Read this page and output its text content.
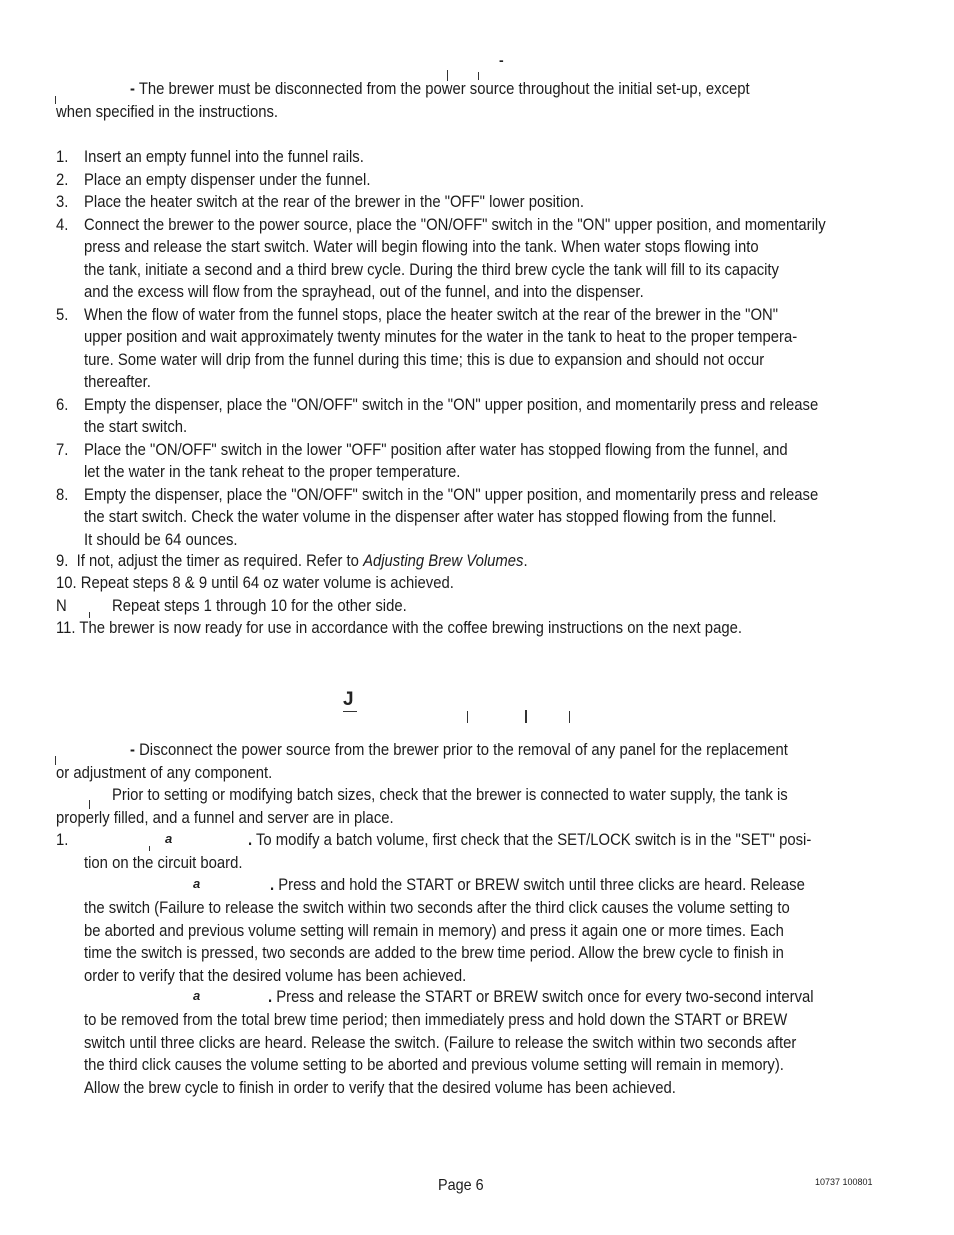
-
- The brewer must be disconnected from the power source throughout the initial set-up, except
when specified in the instructions.
1. Insert an empty funnel into the funnel rails.
2. Place an empty dispenser under the funnel.
3. Place the heater switch at the rear of the brewer in the "OFF" lower position.
4. Connect the brewer to the power source, place the "ON/OFF" switch in the "ON" upper position, and momentarily
press and release the start switch. Water will begin flowing into the tank. When water stops flowing into
the tank, initiate a second and a third brew cycle. During the third brew cycle the tank will fill to its capacity
and the excess will flow from the sprayhead, out of the funnel, and into the dispenser.
5. When the flow of water from the funnel stops, place the heater switch at the rear of the brewer in the "ON"
upper position and wait approximately twenty minutes for the water in the tank to heat to the proper tempera-
ture. Some water will drip from the funnel during this time; this is due to expansion and should not occur
thereafter.
6. Empty the dispenser, place the "ON/OFF" switch in the "ON" upper position, and momentarily press and release
the start switch.
7. Place the "ON/OFF" switch in the lower "OFF" position after water has stopped flowing from the funnel, and
let the water in the tank reheat to the proper temperature.
8. Empty the dispenser, place the "ON/OFF" switch in the "ON" upper position, and momentarily press and release
the start switch. Check the water volume in the dispenser after water has stopped flowing from the funnel.
It should be 64 ounces.
9. If not, adjust the timer as required. Refer to Adjusting Brew Volumes.
10. Repeat steps 8 & 9 until 64 oz water volume is achieved.
N	Repeat steps 1 through 10 for the other side.
11. The brewer is now ready for use in accordance with the coffee brewing instructions on the next page.
J
- Disconnect the power source from the brewer prior to the removal of any panel for the replacement
or adjustment of any component.
Prior to setting or modifying batch sizes, check that the brewer is connected to water supply, the tank is
properly filled, and a funnel and server are in place.
1.	a	. To modify a batch volume, first check that the SET/LOCK switch is in the "SET" posi-
tion on the circuit board.
a	. Press and hold the START or BREW switch until three clicks are heard. Release
the switch (Failure to release the switch within two seconds after the third click causes the volume setting to
be aborted and previous volume setting will remain in memory) and press it again one or more times. Each
time the switch is pressed, two seconds are added to the brew time period. Allow the brew cycle to finish in
order to verify that the desired volume has been achieved.
a	. Press and release the START or BREW switch once for every two-second interval
to be removed from the total brew time period; then immediately press and hold down the START or BREW
switch until three clicks are heard. Release the switch. (Failure to release the switch within two seconds after
the third click causes the volume setting to be aborted and previous volume setting will remain in memory).
Allow the brew cycle to finish in order to verify that the desired volume has been achieved.
Page 6	10737 100801
